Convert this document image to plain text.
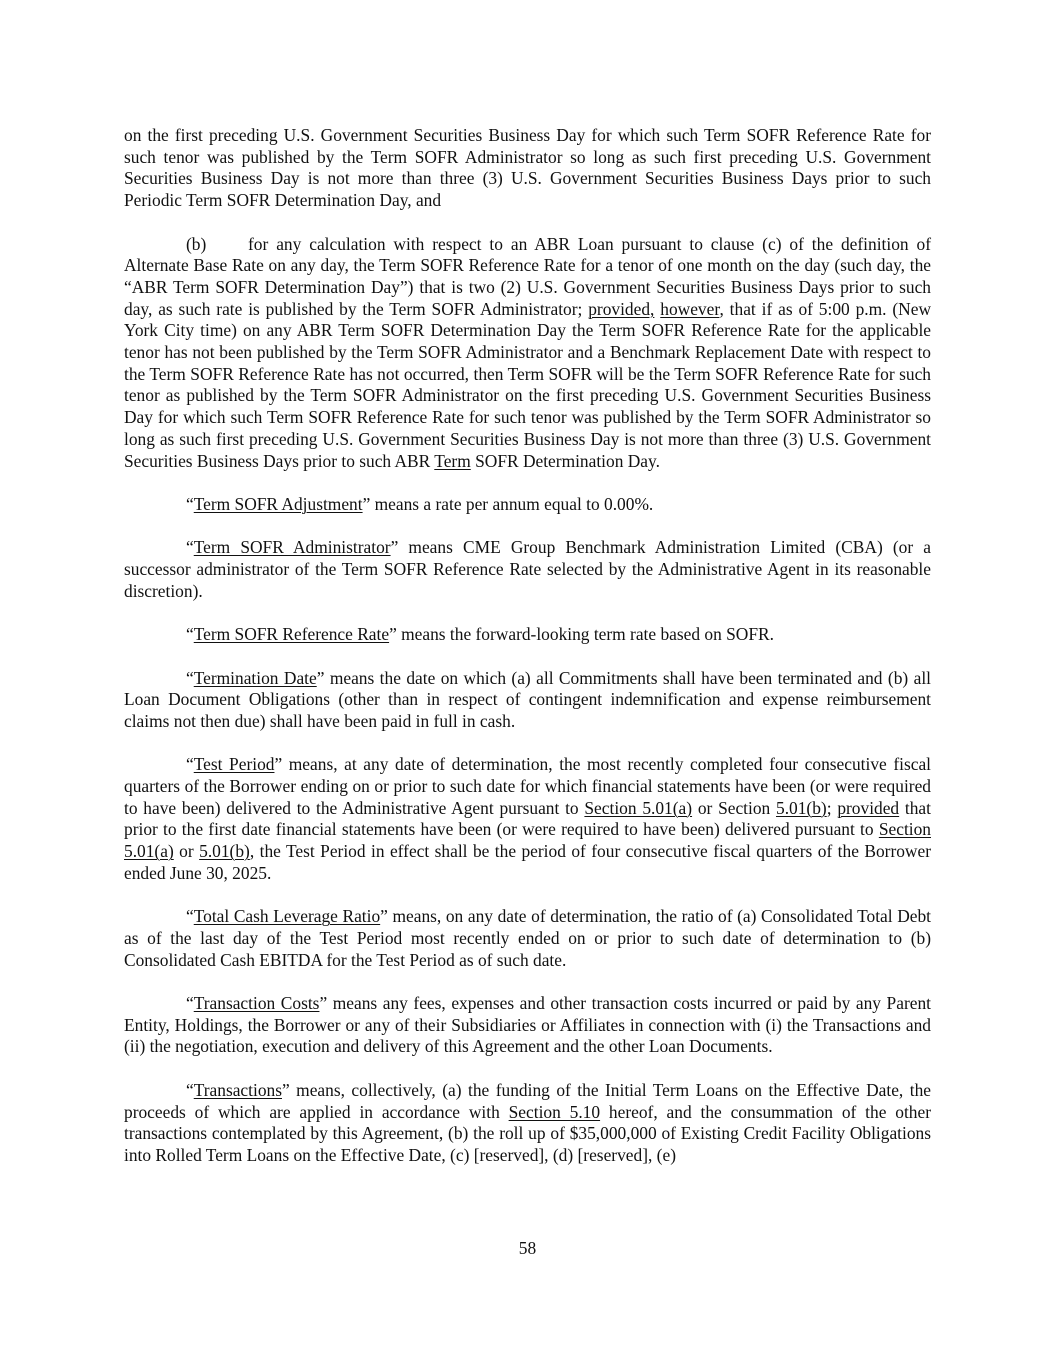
on the first preceding U.S. Government Securities Business Day for which such Term SOFR Reference Rate for such tenor was published by the Term SOFR Administrator so long as such first preceding U.S. Government Securities Business Day is not more than three (3) U.S. Government Securities Business Days prior to such Periodic Term SOFR Determination Day, and

(b) for any calculation with respect to an ABR Loan pursuant to clause (c) of the definition of Alternate Base Rate on any day, the Term SOFR Reference Rate for a tenor of one month on the day (such day, the “ABR Term SOFR Determination Day”) that is two (2) U.S. Government Securities Business Days prior to such day, as such rate is published by the Term SOFR Administrator; provided, however, that if as of 5:00 p.m. (New York City time) on any ABR Term SOFR Determination Day the Term SOFR Reference Rate for the applicable tenor has not been published by the Term SOFR Administrator and a Benchmark Replacement Date with respect to the Term SOFR Reference Rate has not occurred, then Term SOFR will be the Term SOFR Reference Rate for such tenor as published by the Term SOFR Administrator on the first preceding U.S. Government Securities Business Day for which such Term SOFR Reference Rate for such tenor was published by the Term SOFR Administrator so long as such first preceding U.S. Government Securities Business Day is not more than three (3) U.S. Government Securities Business Days prior to such ABR Term SOFR Determination Day.

“Term SOFR Adjustment” means a rate per annum equal to 0.00%.

“Term SOFR Administrator” means CME Group Benchmark Administration Limited (CBA) (or a successor administrator of the Term SOFR Reference Rate selected by the Administrative Agent in its reasonable discretion).

“Term SOFR Reference Rate” means the forward-looking term rate based on SOFR.

“Termination Date” means the date on which (a) all Commitments shall have been terminated and (b) all Loan Document Obligations (other than in respect of contingent indemnification and expense reimbursement claims not then due) shall have been paid in full in cash.

“Test Period” means, at any date of determination, the most recently completed four consecutive fiscal quarters of the Borrower ending on or prior to such date for which financial statements have been (or were required to have been) delivered to the Administrative Agent pursuant to Section 5.01(a) or Section 5.01(b); provided that prior to the first date financial statements have been (or were required to have been) delivered pursuant to Section 5.01(a) or 5.01(b), the Test Period in effect shall be the period of four consecutive fiscal quarters of the Borrower ended June 30, 2025.

“Total Cash Leverage Ratio” means, on any date of determination, the ratio of (a) Consolidated Total Debt as of the last day of the Test Period most recently ended on or prior to such date of determination to (b) Consolidated Cash EBITDA for the Test Period as of such date.

“Transaction Costs” means any fees, expenses and other transaction costs incurred or paid by any Parent Entity, Holdings, the Borrower or any of their Subsidiaries or Affiliates in connection with (i) the Transactions and (ii) the negotiation, execution and delivery of this Agreement and the other Loan Documents.

“Transactions” means, collectively, (a) the funding of the Initial Term Loans on the Effective Date, the proceeds of which are applied in accordance with Section 5.10 hereof, and the consummation of the other transactions contemplated by this Agreement, (b) the roll up of $35,000,000 of Existing Credit Facility Obligations into Rolled Term Loans on the Effective Date, (c) [reserved], (d) [reserved], (e)

58
